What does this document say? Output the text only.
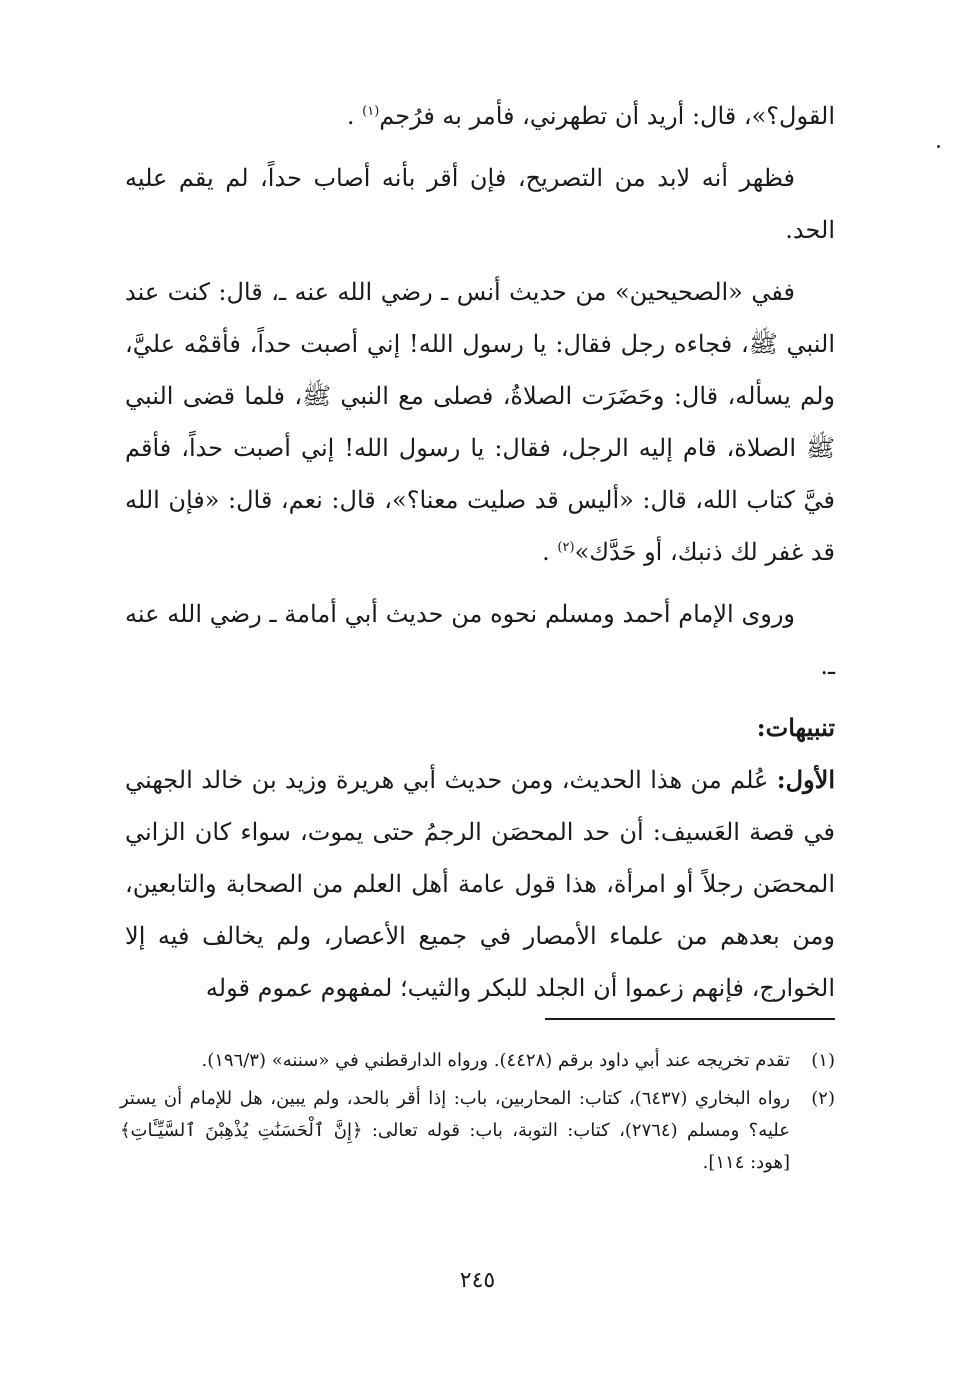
القول؟»، قال: أريد أن تطهرني، فأمر به فرُجم$^{(١)}$ .

فظهر أنه لابد من التصريح، فإن أقر بأنه أصاب حداً، لم يقم عليه الحد.

ففي «الصحيحين» من حديث أنس ـ رضي الله عنه ـ، قال: كنت عند النبي ﷺ، فجاءه رجل فقال: يا رسول الله! إني أصبت حداً، فأقمْه عليَّ، ولم يسأله، قال: وحَضَرَت الصلاةُ، فصلى مع النبي ﷺ، فلما قضى النبي ﷺ الصلاة، قام إليه الرجل، فقال: يا رسول الله! إني أصبت حداً، فأقم فيَّ كتاب الله، قال: «أليس قد صليت معنا؟»، قال: نعم، قال: «فإن الله قد غفر لك ذنبك، أو حَدَّك»$^{(٢)}$ .

وروى الإمام أحمد ومسلم نحوه من حديث أبي أمامة ـ رضي الله عنه ـ.

تنبيهات:

الأول: عُلم من هذا الحديث، ومن حديث أبي هريرة وزيد بن خالد الجهني في قصة العَسيف: أن حد المحصَن الرجمُ حتى يموت، سواء كان الزاني المحصَن رجلاً أو امرأة، هذا قول عامة أهل العلم من الصحابة والتابعين، ومن بعدهم من علماء الأمصار في جميع الأعصار، ولم يخالف فيه إلا الخوارج، فإنهم زعموا أن الجلد للبكر والثيب؛ لمفهوم عموم قوله

(١)
تقدم تخريجه عند أبي داود برقم (٤٤٢٨). ورواه الدارقطني في «سننه» (١٩٦/٣).
(٢)
رواه البخاري (٦٤٣٧)، كتاب: المحاربين، باب: إذا أقر بالحد، ولم يبين، هل للإمام أن يستر عليه؟ ومسلم (٢٧٦٤)، كتاب: التوبة، باب: قوله تعالى: ﴿إِنَّ ٱلْحَسَنَٰتِ يُذْهِبْنَ ٱلسَّيِّـَٔاتِ﴾ [هود: ١١٤].
٢٤٥
